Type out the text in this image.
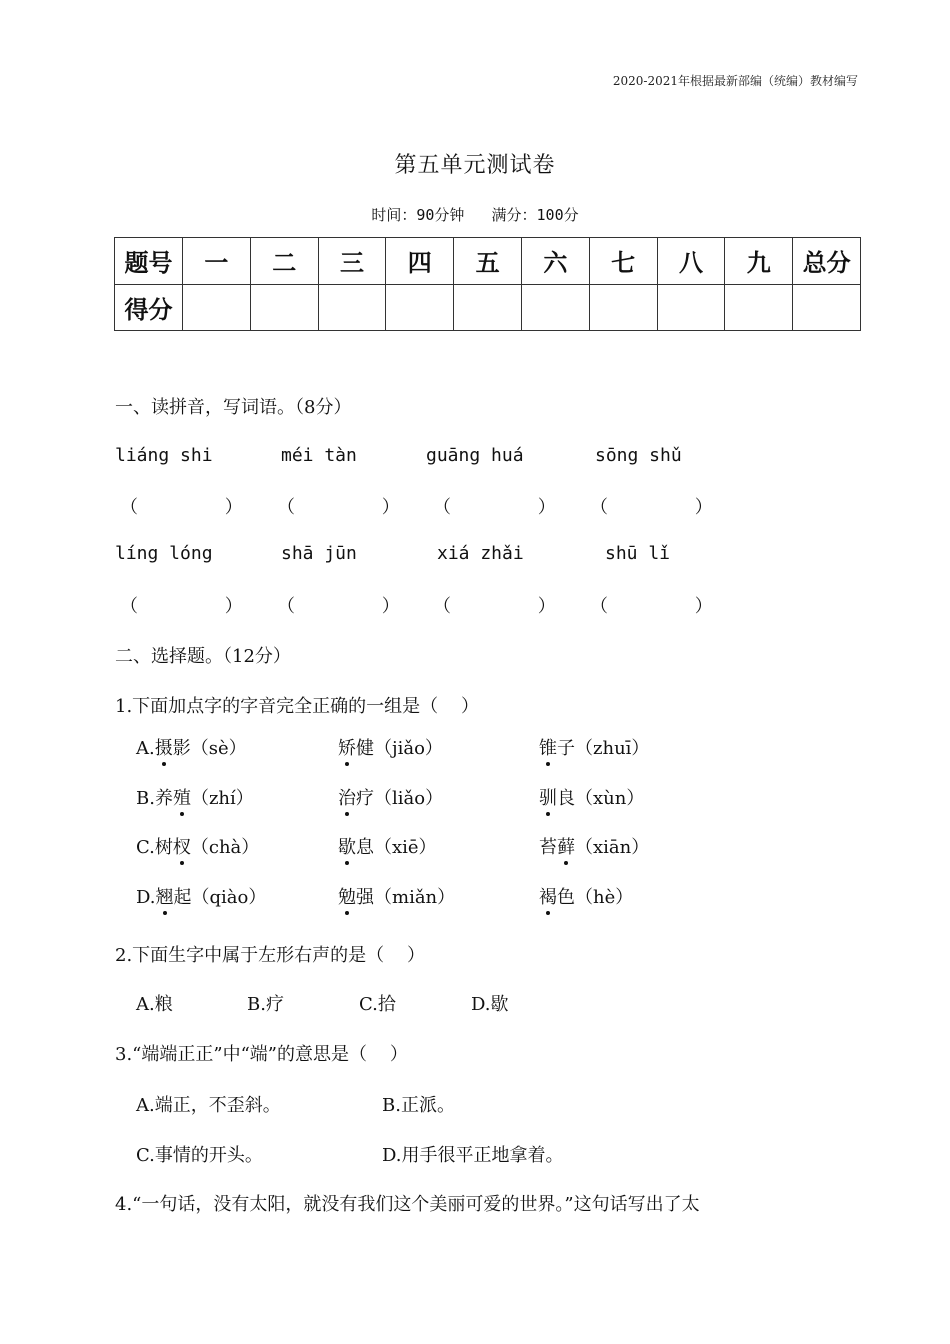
2020-2021年根据最新部编（统编）教材编写
第五单元测试卷
时间：90分钟   满分：100分
题号	一	二	三	四	五	六	七	八	九	总分
得分										
一、读拼音，写词语。（8分）
liáng shi	méi tàn	guāng huá	sōng shǔ
（        ） （        ） （        ） （        ）
líng lóng	shā jūn	xiá zhǎi	shū lǐ
（        ） （        ） （        ） （        ）
二、选择题。（12分）
1.下面加点字的字音完全正确的一组是（    ）
A.摄影（sè）	矫健（jiǎo）	锥子（zhuī）
B.养殖（zhí）	治疗（liǎo）	驯良（xùn）
C.树杈（chà）	歇息（xiē）	苔藓（xiān）
D.翘起（qiào）	勉强（miǎn）	褐色（hè）
2.下面生字中属于左形右声的是（    ）
A.粮	B.疗	C.拾	D.歇
3.“端端正正”中“端”的意思是（    ）
A.端正，不歪斜。	B.正派。
C.事情的开头。	D.用手很平正地拿着。
4.“一句话，没有太阳，就没有我们这个美丽可爱的世界。”这句话写出了太
